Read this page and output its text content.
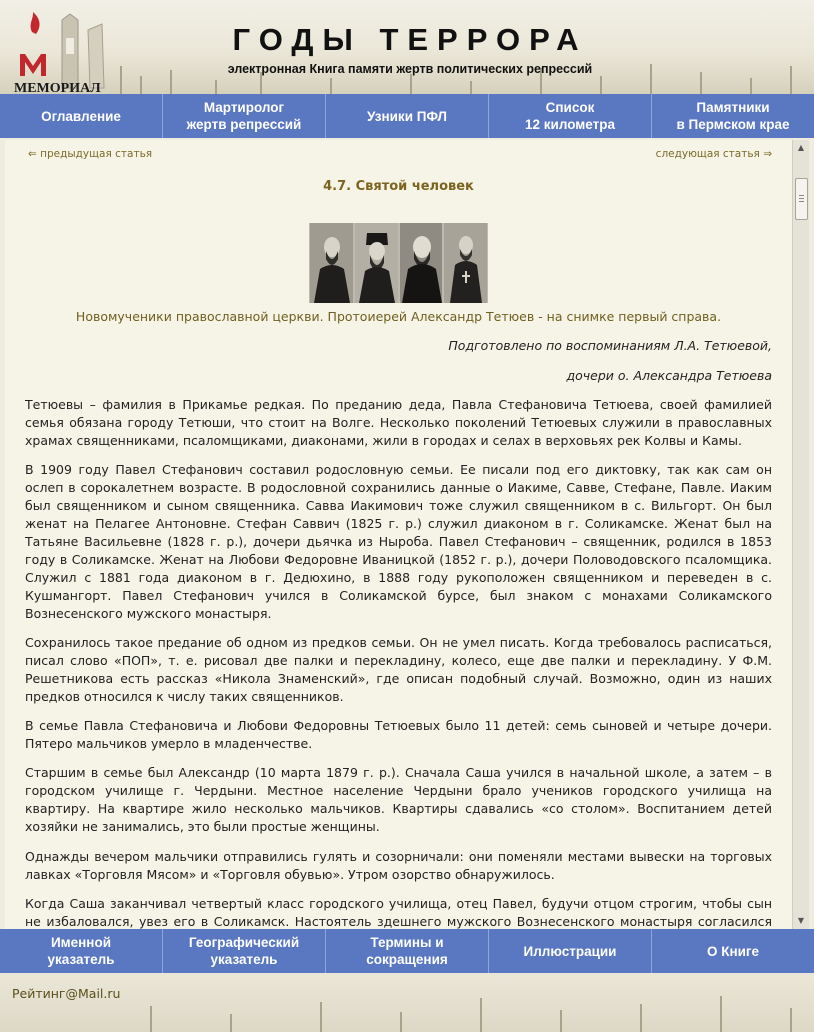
МЕМОРИАЛ
ГОДЫ ТЕРРОРА
электронная Книга памяти жертв политических репрессий
Оглавление
Мартиролог
жертв репрессий
Узники ПФЛ
Список
12 километра
Памятники
в Пермском крае
⇐ предыдущая статья	следующая статья ⇒
4.7. Святой человек
Новомученики православной церкви. Протоиерей Александр Тетюев - на снимке первый справа.
Подготовлено по воспоминаниям Л.А. Тетюевой,
дочери о. Александра Тетюева

Тетюевы – фамилия в Прикамье редкая. По преданию деда, Павла Стефановича Тетюева, своей фамилией семья обязана городу Тетюши, что стоит на Волге. Несколько поколений Тетюевых служили в православных храмах священниками, псаломщиками, диаконами, жили в городах и селах в верховьях рек Колвы и Камы.

В 1909 году Павел Стефанович составил родословную семьи. Ее писали под его диктовку, так как сам он ослеп в сорокалетнем возрасте. В родословной сохранились данные о Иакиме, Савве, Стефане, Павле. Иаким был священником и сыном священника. Савва Иакимович тоже служил священником в с. Вильгорт. Он был женат на Пелагее Антоновне. Стефан Саввич (1825 г. р.) служил диаконом в г. Соликамске. Женат был на Татьяне Васильевне (1828 г. р.), дочери дьячка из Ныроба. Павел Стефанович – священник, родился в 1853 году в Соликамске. Женат на Любови Федоровне Иваницкой (1852 г. р.), дочери Половодовского псаломщика. Служил с 1881 года диаконом в г. Дедюхино, в 1888 году рукоположен священником и переведен в с. Кушмангорт. Павел Стефанович учился в Соликамской бурсе, был знаком с монахами Соликамского Вознесенского мужского монастыря.

Сохранилось такое предание об одном из предков семьи. Он не умел писать. Когда требовалось расписаться, писал слово «ПОП», т. е. рисовал две палки и перекладину, колесо, еще две палки и перекладину. У Ф.М. Решетникова есть рассказ «Никола Знаменский», где описан подобный случай. Возможно, один из наших предков относился к числу таких священников.

В семье Павла Стефановича и Любови Федоровны Тетюевых было 11 детей: семь сыновей и четыре дочери. Пятеро мальчиков умерло в младенчестве.

Старшим в семье был Александр (10 марта 1879 г. р.). Сначала Саша учился в начальной школе, а затем – в городском училище г. Чердыни. Местное население Чердыни брало учеников городского училища на квартиру. На квартире жило несколько мальчиков. Квартиры сдавались «со столом». Воспитанием детей хозяйки не занимались, это были простые женщины.

Однажды вечером мальчики отправились гулять и созорничали: они поменяли местами вывески на торговых лавках «Торговля Мясом» и «Торговля обувью». Утром озорство обнаружилось.

Когда Саша заканчивал четвертый класс городского училища, отец Павел, будучи отцом строгим, чтобы сын не избаловался, увез его в Соликамск. Настоятель здешнего мужского Вознесенского монастыря согласился

▲
▼
Именной
указатель
Географический
указатель
Термины и
сокращения
Иллюстрации	О Книге
Рейтинг@Mail.ru
